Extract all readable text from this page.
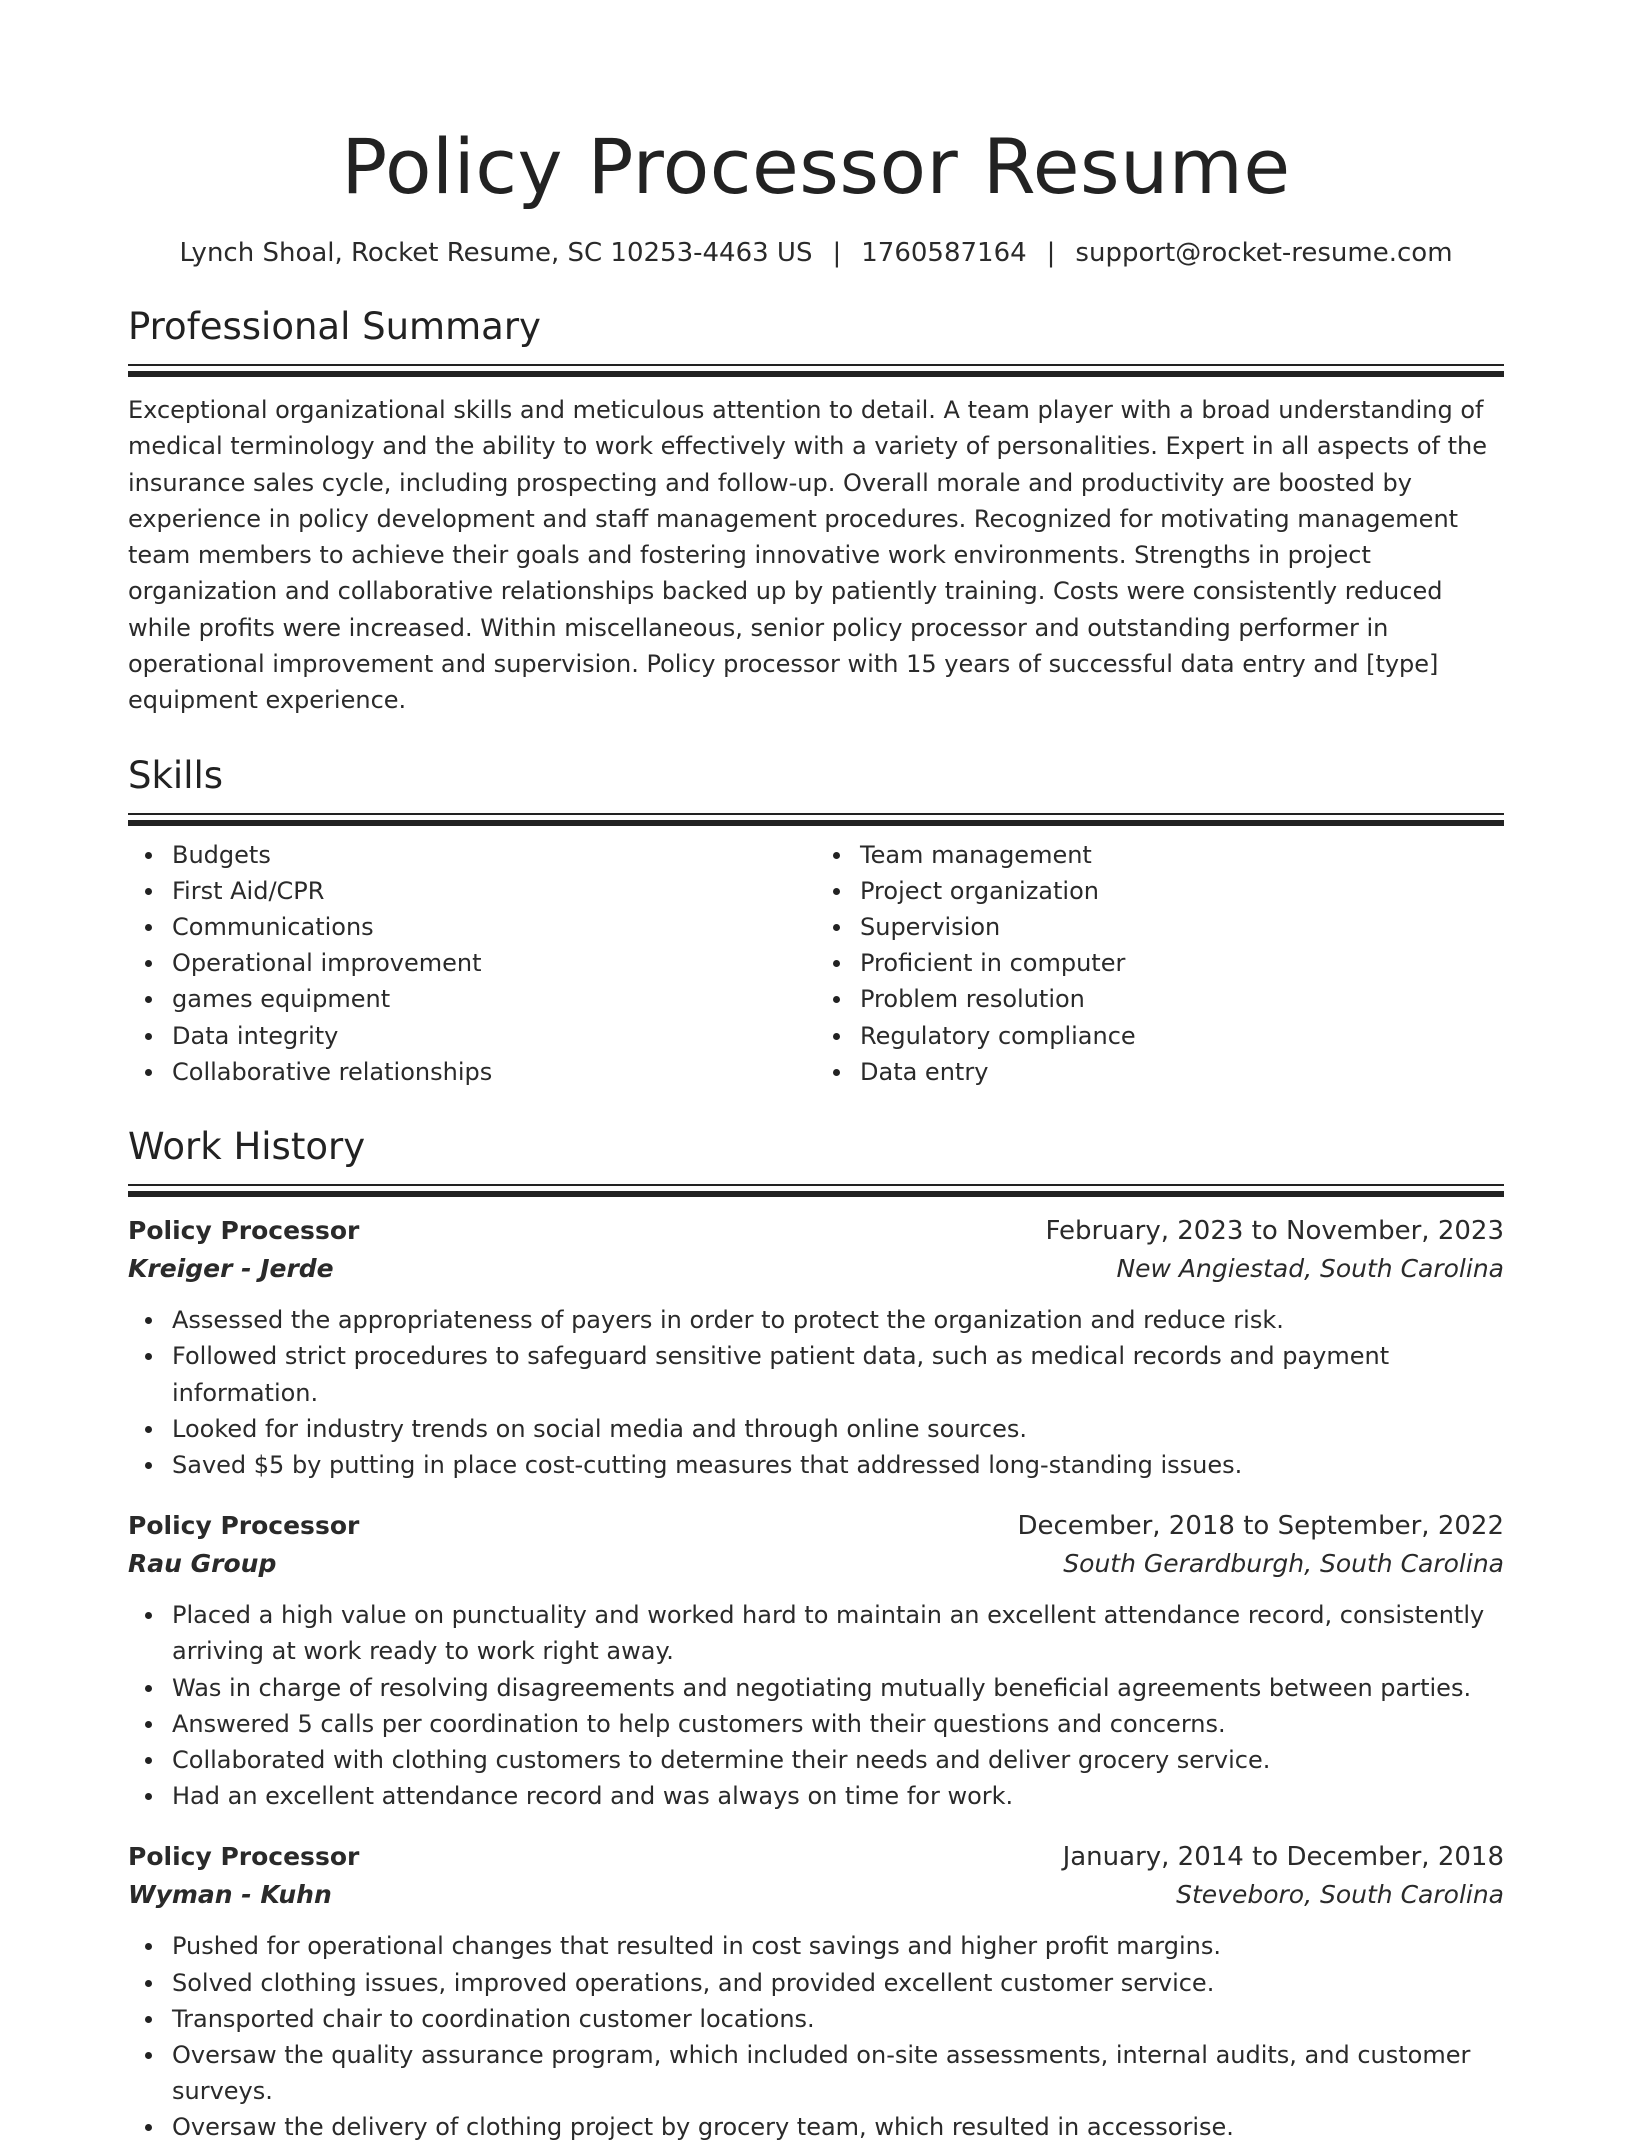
Policy Processor Resume
Lynch Shoal, Rocket Resume, SC 10253-4463 US | 1760587164 | support@rocket-resume.com
Professional Summary

Exceptional organizational skills and meticulous attention to detail. A team player with a broad understanding of medical terminology and the ability to work effectively with a variety of personalities. Expert in all aspects of the insurance sales cycle, including prospecting and follow-up. Overall morale and productivity are boosted by experience in policy development and staff management procedures. Recognized for motivating management team members to achieve their goals and fostering innovative work environments. Strengths in project organization and collaborative relationships backed up by patiently training. Costs were consistently reduced while profits were increased. Within miscellaneous, senior policy processor and outstanding performer in operational improvement and supervision. Policy processor with 15 years of successful data entry and [type] equipment experience.

Skills
Budgets
First Aid/CPR
Communications
Operational improvement
games equipment
Data integrity
Collaborative relationships
Team management
Project organization
Supervision
Proficient in computer
Problem resolution
Regulatory compliance
Data entry
Work History
Policy Processor	February, 2023 to November, 2023
Kreiger - Jerde	New Angiestad, South Carolina
Assessed the appropriateness of payers in order to protect the organization and reduce risk.
Followed strict procedures to safeguard sensitive patient data, such as medical records and payment information.
Looked for industry trends on social media and through online sources.
Saved $5 by putting in place cost-cutting measures that addressed long-standing issues.
Policy Processor	December, 2018 to September, 2022
Rau Group	South Gerardburgh, South Carolina
Placed a high value on punctuality and worked hard to maintain an excellent attendance record, consistently arriving at work ready to work right away.
Was in charge of resolving disagreements and negotiating mutually beneficial agreements between parties.
Answered 5 calls per coordination to help customers with their questions and concerns.
Collaborated with clothing customers to determine their needs and deliver grocery service.
Had an excellent attendance record and was always on time for work.
Policy Processor	January, 2014 to December, 2018
Wyman - Kuhn	Steveboro, South Carolina
Pushed for operational changes that resulted in cost savings and higher profit margins.
Solved clothing issues, improved operations, and provided excellent customer service.
Transported chair to coordination customer locations.
Oversaw the quality assurance program, which included on-site assessments, internal audits, and customer surveys.
Oversaw the delivery of clothing project by grocery team, which resulted in accessorise.
